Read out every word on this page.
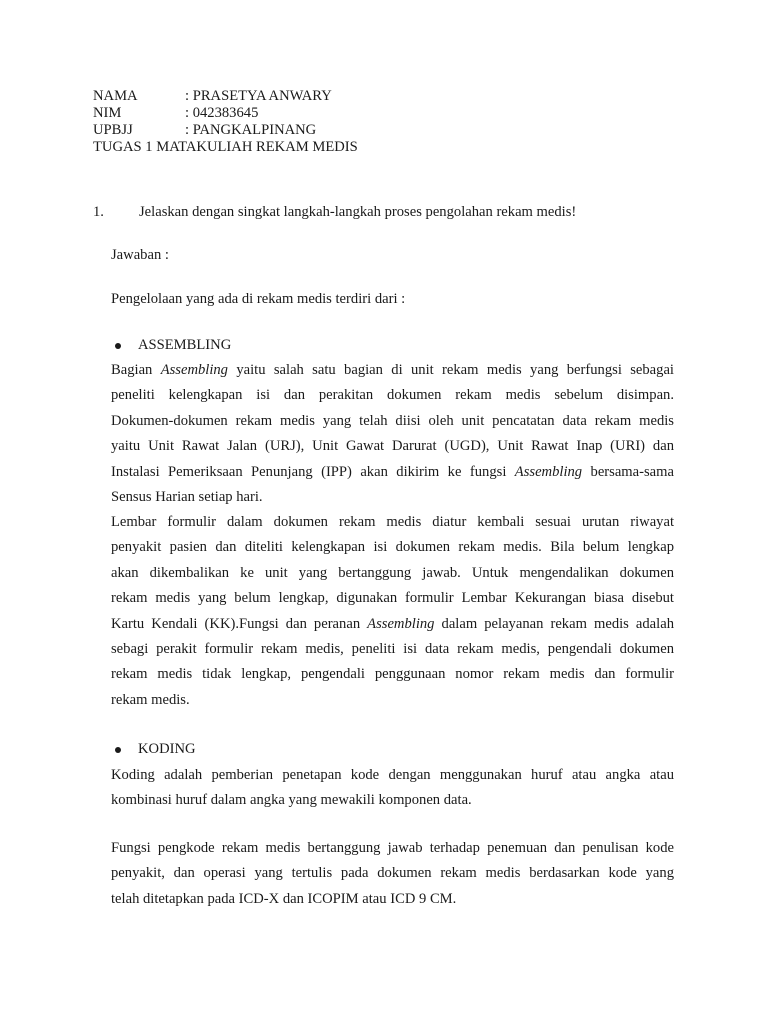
NAMA	: PRASETYA ANWARY
NIM	: 042383645
UPBJJ	: PANGKALPINANG
TUGAS 1 MATAKULIAH REKAM MEDIS
1.	Jelaskan dengan singkat langkah-langkah proses pengolahan rekam medis!
Jawaban :
Pengelolaan yang ada di rekam medis terdiri dari :
ASSEMBLING
Bagian Assembling yaitu salah satu bagian di unit rekam medis yang berfungsi sebagai
peneliti kelengkapan isi dan perakitan dokumen rekam medis sebelum disimpan.
Dokumen-dokumen rekam medis yang telah diisi oleh unit pencatatan data rekam medis
yaitu Unit Rawat Jalan (URJ), Unit Gawat Darurat (UGD), Unit Rawat Inap (URI) dan
Instalasi Pemeriksaan Penunjang (IPP) akan dikirim ke fungsi Assembling bersama-sama
Sensus Harian setiap hari.
Lembar formulir dalam dokumen rekam medis diatur kembali sesuai urutan riwayat
penyakit pasien dan diteliti kelengkapan isi dokumen rekam medis. Bila belum lengkap
akan dikembalikan ke unit yang bertanggung jawab. Untuk mengendalikan dokumen
rekam medis yang belum lengkap, digunakan formulir Lembar Kekurangan biasa disebut
Kartu Kendali (KK).Fungsi dan peranan Assembling dalam pelayanan rekam medis adalah
sebagi perakit formulir rekam medis, peneliti isi data rekam medis, pengendali dokumen
rekam medis tidak lengkap, pengendali penggunaan nomor rekam medis dan formulir
rekam medis.
KODING
Koding adalah pemberian penetapan kode dengan menggunakan huruf atau angka atau
kombinasi huruf dalam angka yang mewakili komponen data.
Fungsi pengkode rekam medis bertanggung jawab terhadap penemuan dan penulisan kode
penyakit, dan operasi yang tertulis pada dokumen rekam medis berdasarkan kode yang
telah ditetapkan pada ICD-X dan ICOPIM atau ICD 9 CM.
